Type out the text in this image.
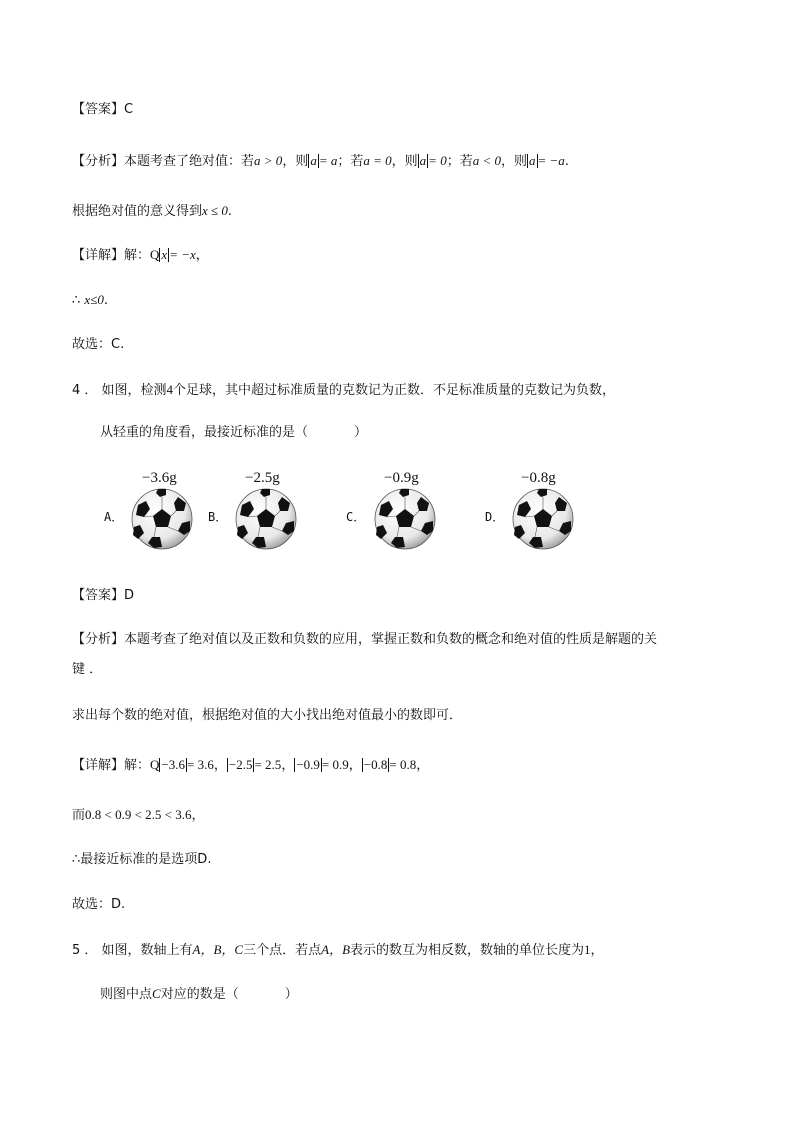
【答案】C
【分析】本题考查了绝对值：若a > 0，则 a = a；若a = 0，则 a = 0；若a < 0，则 a = −a.
根据绝对值的意义得到x ≤ 0.
【详解】解：Q x = −x，
∴ x≤0.
故选：C.
4 ． 如图，检测4个足球，其中超过标准质量的克数记为正数．不足标准质量的克数记为负数，
从轻重的角度看，最接近标准的是（	）
A．
−3.6g
B．
−2.5g
C．
−0.9g
D．
−0.8g
【答案】D
【分析】本题考查了绝对值以及正数和负数的应用，掌握正数和负数的概念和绝对值的性质是解题的关
键 ．
求出每个数的绝对值，根据绝对值的大小找出绝对值最小的数即可．
【详解】解：Q −3.6 = 3.6， −2.5 = 2.5， −0.9 = 0.9， −0.8 = 0.8，
而0.8 < 0.9 < 2.5 < 3.6，
∴最接近标准的是选项D.
故选：D.
5 ． 如图，数轴上有A，B，C三个点．若点A，B表示的数互为相反数，数轴的单位长度为1，
则图中点C对应的数是（	）
